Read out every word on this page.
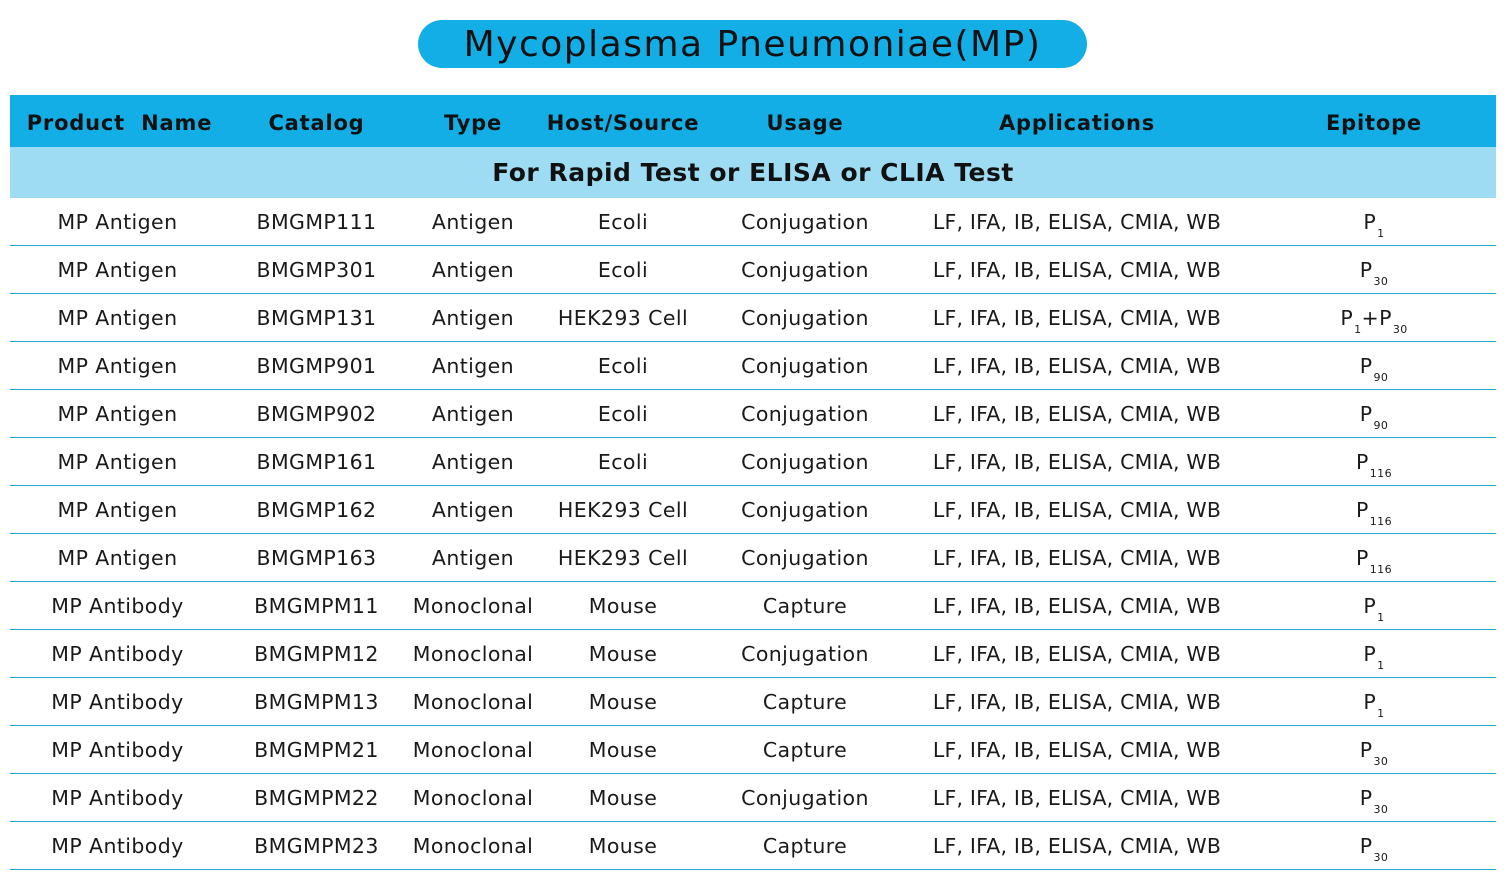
Mycoplasma Pneumoniae(MP)
Product  Name	Catalog	Type	Host/Source	Usage	Applications	Epitope
For Rapid Test or ELISA or CLIA Test						
MP Antigen	BMGMP111	Antigen	Ecoli	Conjugation	LF, IFA, IB, ELISA, CMIA, WB	$P_1$
MP Antigen	BMGMP301	Antigen	Ecoli	Conjugation	LF, IFA, IB, ELISA, CMIA, WB	$P_{30}$
MP Antigen	BMGMP131	Antigen	HEK293 Cell	Conjugation	LF, IFA, IB, ELISA, CMIA, WB	$P_1+P_{30}$
MP Antigen	BMGMP901	Antigen	Ecoli	Conjugation	LF, IFA, IB, ELISA, CMIA, WB	$P_{90}$
MP Antigen	BMGMP902	Antigen	Ecoli	Conjugation	LF, IFA, IB, ELISA, CMIA, WB	$P_{90}$
MP Antigen	BMGMP161	Antigen	Ecoli	Conjugation	LF, IFA, IB, ELISA, CMIA, WB	$P_{116}$
MP Antigen	BMGMP162	Antigen	HEK293 Cell	Conjugation	LF, IFA, IB, ELISA, CMIA, WB	$P_{116}$
MP Antigen	BMGMP163	Antigen	HEK293 Cell	Conjugation	LF, IFA, IB, ELISA, CMIA, WB	$P_{116}$
MP Antibody	BMGMPM11	Monoclonal	Mouse	Capture	LF, IFA, IB, ELISA, CMIA, WB	$P_1$
MP Antibody	BMGMPM12	Monoclonal	Mouse	Conjugation	LF, IFA, IB, ELISA, CMIA, WB	$P_1$
MP Antibody	BMGMPM13	Monoclonal	Mouse	Capture	LF, IFA, IB, ELISA, CMIA, WB	$P_1$
MP Antibody	BMGMPM21	Monoclonal	Mouse	Capture	LF, IFA, IB, ELISA, CMIA, WB	$P_{30}$
MP Antibody	BMGMPM22	Monoclonal	Mouse	Conjugation	LF, IFA, IB, ELISA, CMIA, WB	$P_{30}$
MP Antibody	BMGMPM23	Monoclonal	Mouse	Capture	LF, IFA, IB, ELISA, CMIA, WB	$P_{30}$
